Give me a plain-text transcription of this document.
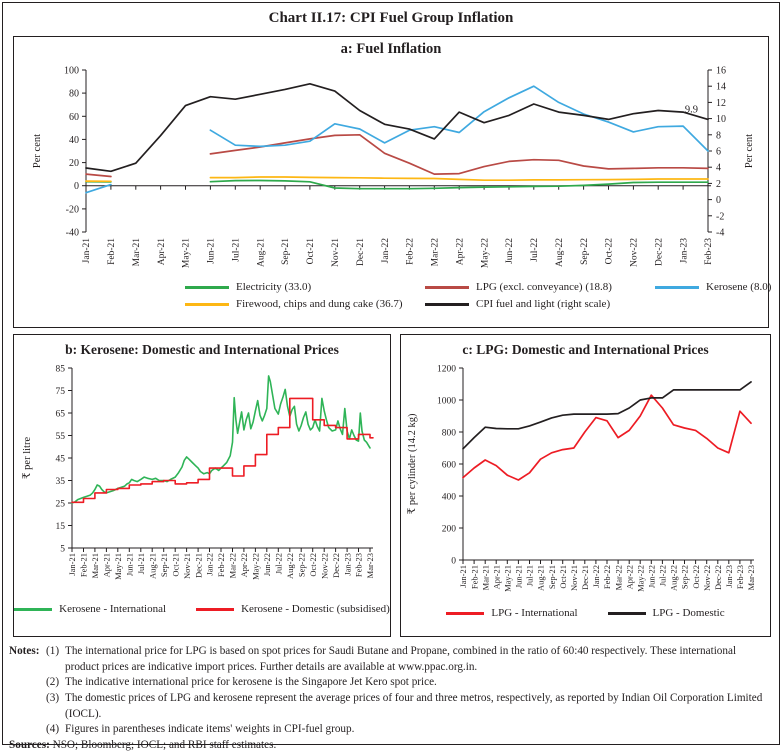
Chart II.17: CPI Fuel Group Inflation
a: Fuel Inflation
-40
-20
0
20
40
60
80
100
Per cent
-4
-2
0
2
4
6
8
10
12
14
16
Per cent
Jan-21 Feb-21 Mar-21 Apr-21 May-21 Jun-21 Jul-21 Aug-21 Sep-21 Oct-21 Nov-21 Dec-21 Jan-22 Feb-22 Mar-22 Apr-22 May-22 Jun-22 Jul-22 Aug-22 Sep-22 Oct-22 Nov-22 Dec-22 Jan-23 Feb-23
9.9
Electricity (33.0)	LPG (excl. conveyance) (18.8)	Kerosene (8.0)
Firewood, chips and dung cake (36.7)	CPI fuel and light (right scale)
b: Kerosene: Domestic and International Prices
5
15
25
35
45
55
65
75
85
₹ per litre
Jan-21 Feb-21 Mar-21 Apr-21 May-21 Jun-21 Jul-21 Aug-21 Sep-21 Oct-21 Nov-21 Dec-21 Jan-22 Feb-22 Mar-22 Apr-22 May-22 Jun-22 Jul-22 Aug-22 Sep-22 Oct-22 Nov-22 Dec-22 Jan-23 Feb-23 Mar-23
Kerosene - International	Kerosene - Domestic (subsidised)
c: LPG: Domestic and International Prices
0
200
400
600
800
1000
1200
₹ per cylinder (14.2 kg)
Jan-21 Feb-21 Mar-21 Apr-21 May-21 Jun-21 Jul-21 Aug-21 Sep-21 Oct-21 Nov-21 Dec-21 Jan-22 Feb-22 Mar-22 Apr-22 May-22 Jun-22 Jul-22 Aug-22 Sep-22 Oct-22 Nov-22 Dec-22 Jan-23 Feb-23 Mar-23
LPG - International	LPG - Domestic
Notes: (1) The international price for LPG is based on spot prices for Saudi Butane and Propane, combined in the ratio of 60:40 respectively. These international product prices are indicative import prices. Further details are available at www.ppac.org.in.
(2) The indicative international price for kerosene is the Singapore Jet Kero spot price.
(3) The domestic prices of LPG and kerosene represent the average prices of four and three metros, respectively, as reported by Indian Oil Corporation Limited (IOCL).
(4) Figures in parentheses indicate items' weights in CPI-fuel group.
Sources: NSO; Bloomberg; IOCL; and RBI staff estimates.
